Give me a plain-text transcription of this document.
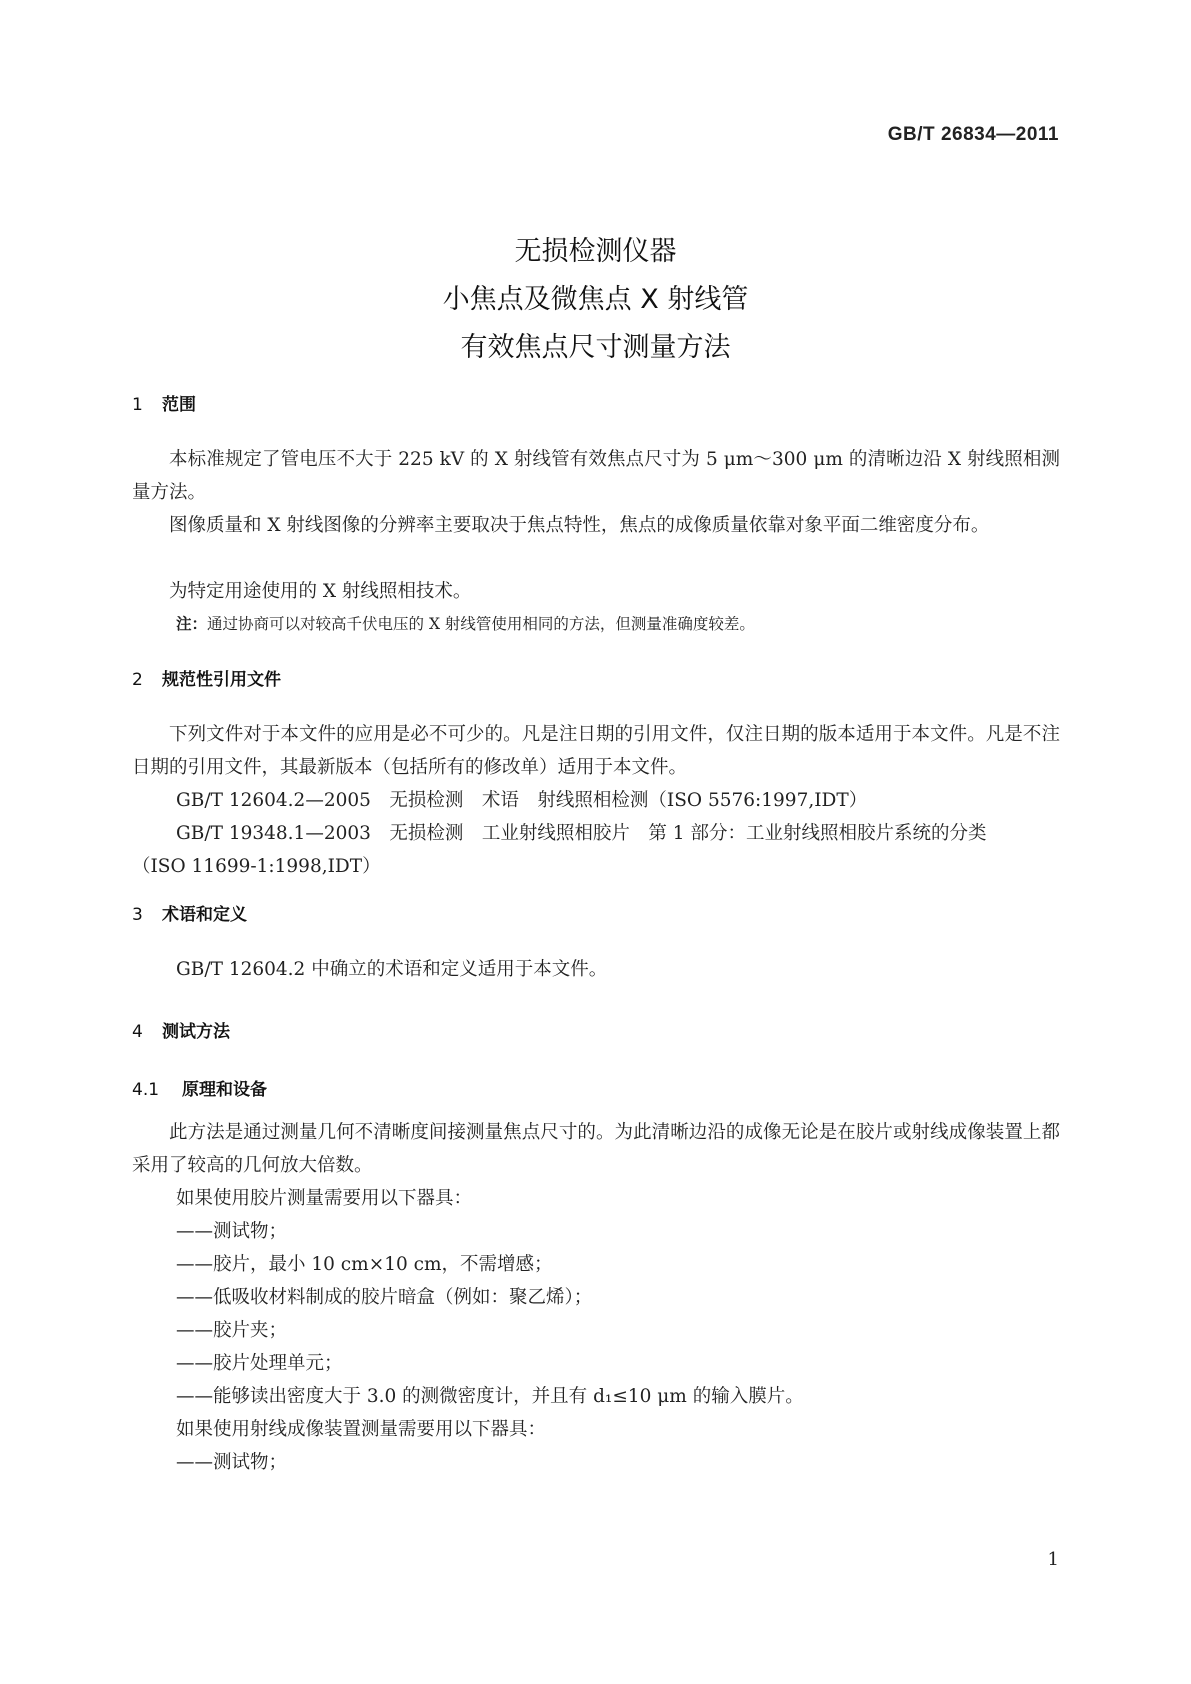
GB/T 26834—2011
无损检测仪器
小焦点及微焦点 X 射线管
有效焦点尺寸测量方法
1 范围
本标准规定了管电压不大于 225 kV 的 X 射线管有效焦点尺寸为 5 μm～300 μm 的清晰边沿 X 射线照相测量方法。
图像质量和 X 射线图像的分辨率主要取决于焦点特性，焦点的成像质量依靠对象平面二维密度分布。
为特定用途使用的 X 射线照相技术。
注：通过协商可以对较高千伏电压的 X 射线管使用相同的方法，但测量准确度较差。
2 规范性引用文件
下列文件对于本文件的应用是必不可少的。凡是注日期的引用文件，仅注日期的版本适用于本文件。凡是不注日期的引用文件，其最新版本（包括所有的修改单）适用于本文件。
GB/T 12604.2—2005　无损检测　术语　射线照相检测（ISO 5576:1997,IDT）
GB/T 19348.1—2003　无损检测　工业射线照相胶片　第 1 部分：工业射线照相胶片系统的分类
（ISO 11699-1:1998,IDT）
3 术语和定义
GB/T 12604.2 中确立的术语和定义适用于本文件。
4 测试方法
4.1 原理和设备
此方法是通过测量几何不清晰度间接测量焦点尺寸的。为此清晰边沿的成像无论是在胶片或射线成像装置上都采用了较高的几何放大倍数。
如果使用胶片测量需要用以下器具：
——测试物；
——胶片，最小 10 cm×10 cm，不需增感；
——低吸收材料制成的胶片暗盒（例如：聚乙烯）；
——胶片夹；
——胶片处理单元；
——能够读出密度大于 3.0 的测微密度计，并且有 d₁≤10 μm 的输入膜片。
如果使用射线成像装置测量需要用以下器具：
——测试物；
1
